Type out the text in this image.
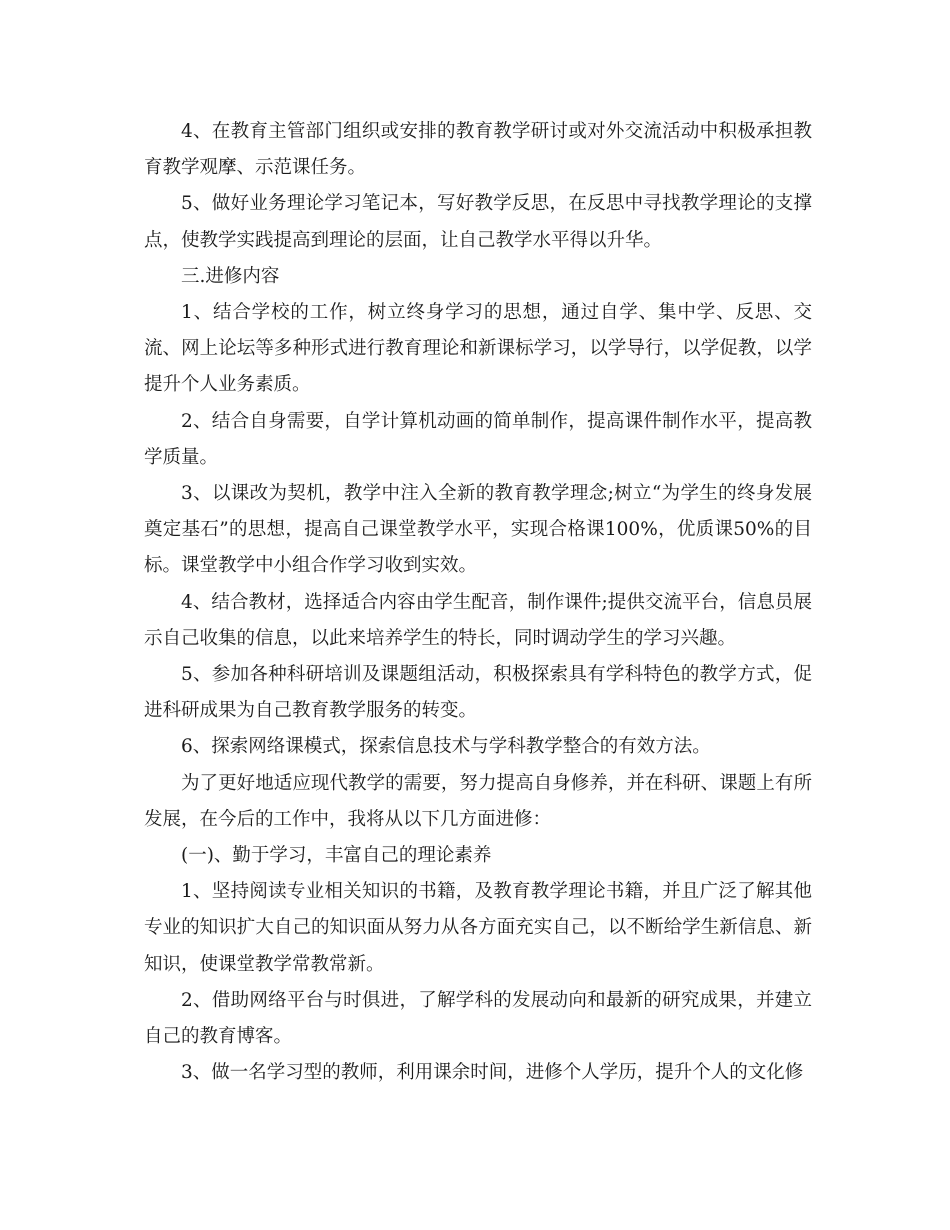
4、在教育主管部门组织或安排的教育教学研讨或对外交流活动中积极承担教育教学观摩、示范课任务。

5、做好业务理论学习笔记本，写好教学反思，在反思中寻找教学理论的支撑点，使教学实践提高到理论的层面，让自己教学水平得以升华。

三.进修内容

1、结合学校的工作，树立终身学习的思想，通过自学、集中学、反思、交流、网上论坛等多种形式进行教育理论和新课标学习，以学导行，以学促教，以学提升个人业务素质。

2、结合自身需要，自学计算机动画的简单制作，提高课件制作水平，提高教学质量。

3、以课改为契机，教学中注入全新的教育教学理念;树立“为学生的终身发展奠定基石”的思想，提高自己课堂教学水平，实现合格课100%，优质课50%的目标。课堂教学中小组合作学习收到实效。

4、结合教材，选择适合内容由学生配音，制作课件;提供交流平台，信息员展示自己收集的信息，以此来培养学生的特长，同时调动学生的学习兴趣。

5、参加各种科研培训及课题组活动，积极探索具有学科特色的教学方式，促进科研成果为自己教育教学服务的转变。

6、探索网络课模式，探索信息技术与学科教学整合的有效方法。

为了更好地适应现代教学的需要，努力提高自身修养，并在科研、课题上有所发展，在今后的工作中，我将从以下几方面进修：

(一)、勤于学习，丰富自己的理论素养

1、坚持阅读专业相关知识的书籍，及教育教学理论书籍，并且广泛了解其他专业的知识扩大自己的知识面从努力从各方面充实自己，以不断给学生新信息、新知识，使课堂教学常教常新。

2、借助网络平台与时俱进，了解学科的发展动向和最新的研究成果，并建立自己的教育博客。

3、做一名学习型的教师，利用课余时间，进修个人学历，提升个人的文化修
